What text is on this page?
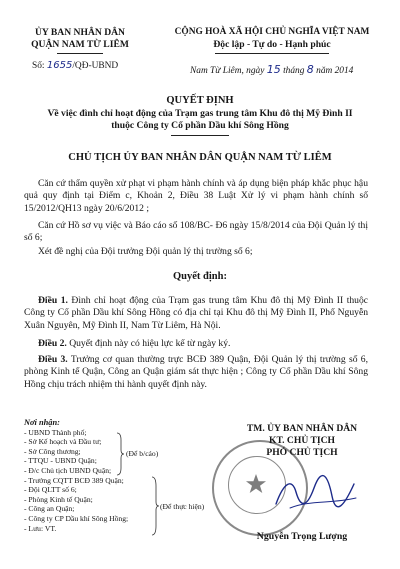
ỦY BAN NHÂN DÂN
QUẬN NAM TỪ LIÊM
Số: 1655/QĐ-UBND
CỘNG HOÀ XÃ HỘI CHỦ NGHĨA VIỆT NAM
Độc lập - Tự do - Hạnh phúc
Nam Từ Liêm, ngày 15 tháng 8 năm 2014
QUYẾT ĐỊNH
Về việc đình chỉ hoạt động của Trạm gas trung tâm Khu đô thị Mỹ Đình II
thuộc Công ty Cổ phần Dầu khí Sông Hồng
CHỦ TỊCH ỦY BAN NHÂN DÂN QUẬN NAM TỪ LIÊM
Căn cứ thẩm quyền xử phạt vi phạm hành chính và áp dụng biện pháp khắc phục hậu quả quy định tại Điểm c, Khoản 2, Điều 38 Luật Xử lý vi phạm hành chính số 15/2012/QH13 ngày 20/6/2012 ;
Căn cứ Hồ sơ vụ việc và Báo cáo số 108/BC- Đ6 ngày 15/8/2014 của Đội Quản lý thị số 6;
Xét đề nghị của Đội trưởng Đội quản lý thị trường số 6;
Quyết định:
Điều 1. Đình chỉ hoạt động của Trạm gas trung tâm Khu đô thị Mỹ Đình II thuộc Công ty Cổ phần Dầu khí Sông Hồng có địa chỉ tại Khu đô thị Mỹ Đình II, Phố Nguyễn Xuân Nguyên, Mỹ Đình II, Nam Từ Liêm, Hà Nội.
Điều 2. Quyết định này có hiệu lực kể từ ngày ký.
Điều 3. Trưởng cơ quan thường trực BCĐ 389 Quận, Đội Quản lý thị trường số 6, phòng Kinh tế Quận, Công an Quận giám sát thực hiện ; Công ty Cổ phần Dầu khí Sông Hồng chịu trách nhiệm thi hành quyết định này.
Nơi nhận:
- UBND Thành phố;
- Sở Kế hoạch và Đầu tư;
- Sở Công thương;
- TTQU - UBND Quận;
- Đ/c Chủ tịch UBND Quận;
- Trưởng CQTT BCĐ 389 Quận;
- Đội QLTT số 6;
- Phòng Kinh tế Quận;
- Công an Quận;
- Công ty CP Dầu khí Sông Hồng;
- Lưu: VT.
(Để b/cáo)
(Để thực hiện)
TM. ỦY BAN NHÂN DÂN
KT. CHỦ TỊCH
PHÓ CHỦ TỊCH
Nguyễn Trọng Lượng
